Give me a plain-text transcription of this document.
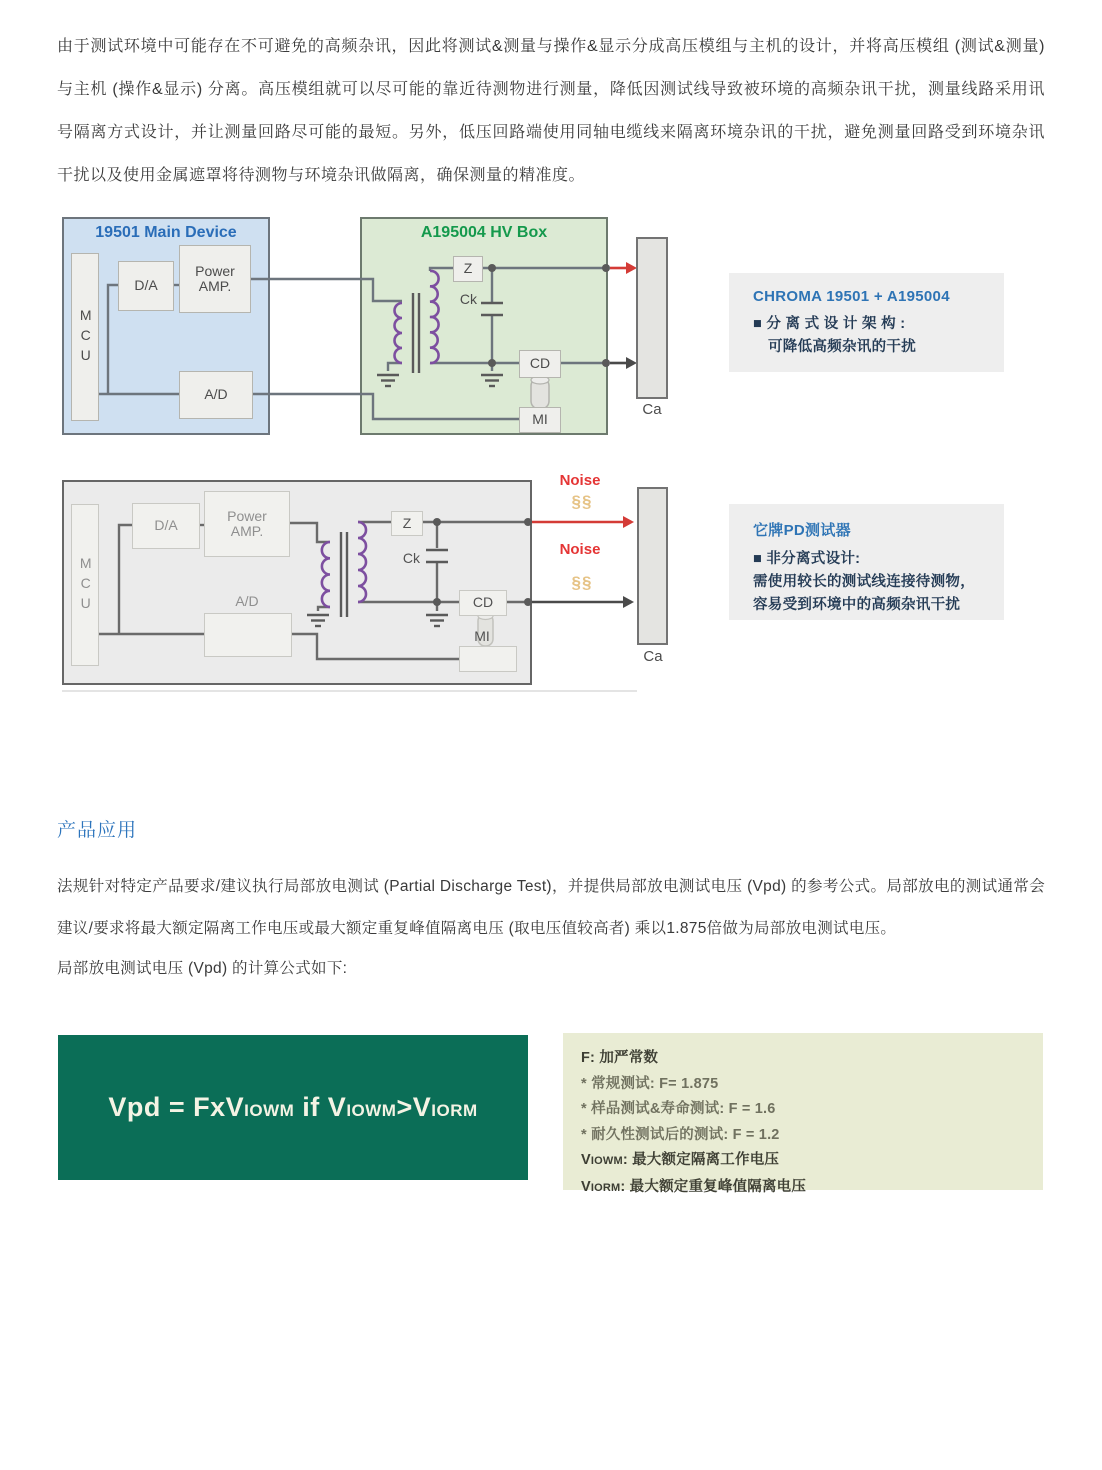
由于测试环境中可能存在不可避免的高频杂讯，因此将测试&测量与操作&显示分成高压模组与主机的设计，并将高压模组 (测试&测量) 与主机 (操作&显示) 分离。高压模组就可以尽可能的靠近待测物进行测量，降低因测试线导致被环境的高频杂讯干扰，测量线路采用讯号隔离方式设计，并让测量回路尽可能的最短。另外，低压回路端使用同轴电缆线来隔离环境杂讯的干扰，避免测量回路受到环境杂讯干扰以及使用金属遮罩将待测物与环境杂讯做隔离，确保测量的精准度。
19501 Main Device	A195004 HV Box
MCU
D/A
Power AMP.
A/D
Z
Ck
CD
MI
Ca
CHROMA 19501 + A195004
■ 分 离 式 设 计 架 构 :
可降低高频杂讯的干扰
MCU
D/A
Power AMP.
A/D
Z
Ck
CD
MI
Ca
Noise
§§
Noise
§§
它牌PD测试器
■ 非分离式设计:
需使用较长的测试线连接待测物，
容易受到环境中的高频杂讯干扰
产品应用
法规针对特定产品要求/建议执行局部放电测试 (Partial Discharge Test)，并提供局部放电测试电压 (Vpd) 的参考公式。局部放电的测试通常会建议/要求将最大额定隔离工作电压或最大额定重复峰值隔离电压 (取电压值较高者) 乘以1.875倍做为局部放电测试电压。
局部放电测试电压 (Vpd) 的计算公式如下:
Vpd = FxVIOWM if VIOWM>VIORM
F: 加严常数
* 常规测试: F= 1.875
* 样品测试&寿命测试: F = 1.6
* 耐久性测试后的测试: F = 1.2
VIOWM: 最大额定隔离工作电压
VIORM: 最大额定重复峰值隔离电压
